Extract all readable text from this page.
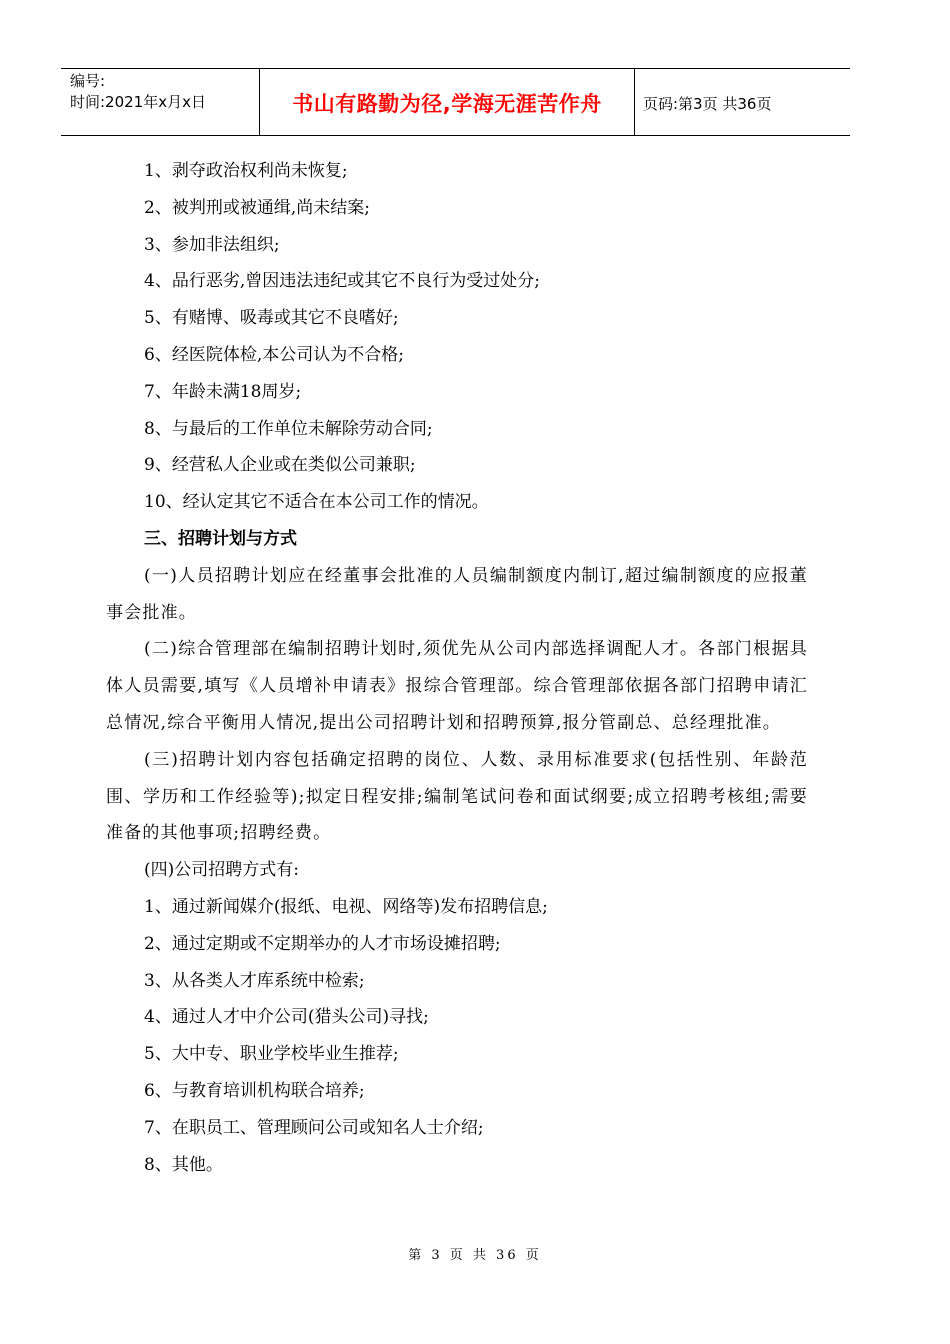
编号:
时间:2021年x月x日	书山有路勤为径,学海无涯苦作舟	页码:第3页 共36页
1、剥夺政治权利尚未恢复;
2、被判刑或被通缉,尚未结案;
3、参加非法组织;
4、品行恶劣,曾因违法违纪或其它不良行为受过处分;
5、有赌博、吸毒或其它不良嗜好;
6、经医院体检,本公司认为不合格;
7、年龄未满18周岁;
8、与最后的工作单位未解除劳动合同;
9、经营私人企业或在类似公司兼职;
10、经认定其它不适合在本公司工作的情况。
三、招聘计划与方式
(一)人员招聘计划应在经董事会批准的人员编制额度内制订,超过编制额度的应报董事会批准。
(二)综合管理部在编制招聘计划时,须优先从公司内部选择调配人才。各部门根据具体人员需要,填写《人员增补申请表》报综合管理部。综合管理部依据各部门招聘申请汇总情况,综合平衡用人情况,提出公司招聘计划和招聘预算,报分管副总、总经理批准。
(三)招聘计划内容包括确定招聘的岗位、人数、录用标准要求(包括性别、年龄范围、学历和工作经验等);拟定日程安排;编制笔试问卷和面试纲要;成立招聘考核组;需要准备的其他事项;招聘经费。
(四)公司招聘方式有:
1、通过新闻媒介(报纸、电视、网络等)发布招聘信息;
2、通过定期或不定期举办的人才市场设摊招聘;
3、从各类人才库系统中检索;
4、通过人才中介公司(猎头公司)寻找;
5、大中专、职业学校毕业生推荐;
6、与教育培训机构联合培养;
7、在职员工、管理顾问公司或知名人士介绍;
8、其他。
第 3 页 共 36 页
